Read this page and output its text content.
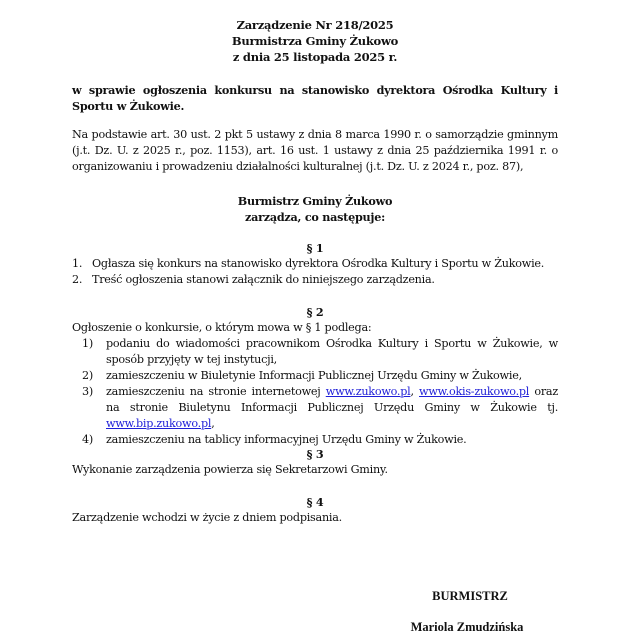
Zarządzenie Nr 218/2025
Burmistrza Gminy Żukowo
z dnia 25 listopada 2025 r.
w sprawie ogłoszenia konkursu na stanowisko dyrektora Ośrodka Kultury i Sportu w Żukowie.
Na podstawie art. 30 ust. 2 pkt 5 ustawy z dnia 8 marca 1990 r. o samorządzie gminnym (j.t. Dz. U. z 2025 r., poz. 1153), art. 16 ust. 1 ustawy z dnia 25 października 1991 r. o organizowaniu i prowadzeniu działalności kulturalnej (j.t. Dz. U. z 2024 r., poz. 87),
Burmistrz Gminy Żukowo
zarządza, co następuje:
§ 1
1. Ogłasza się konkurs na stanowisko dyrektora Ośrodka Kultury i Sportu w Żukowie.
2. Treść ogłoszenia stanowi załącznik do niniejszego zarządzenia.
§ 2
Ogłoszenie o konkursie, o którym mowa w § 1 podlega:
1) podaniu do wiadomości pracownikom Ośrodka Kultury i Sportu w Żukowie, w sposób przyjęty w tej instytucji,
2) zamieszczeniu w Biuletynie Informacji Publicznej Urzędu Gminy w Żukowie,
3) zamieszczeniu na stronie internetowej www.zukowo.pl, www.okis-zukowo.pl oraz na stronie Biuletynu Informacji Publicznej Urzędu Gminy w Żukowie tj. www.bip.zukowo.pl,
4) zamieszczeniu na tablicy informacyjnej Urzędu Gminy w Żukowie.
§ 3
Wykonanie zarządzenia powierza się Sekretarzowi Gminy.
§ 4
Zarządzenie wchodzi w życie z dniem podpisania.
BURMISTRZ
Mariola Zmudzińska
